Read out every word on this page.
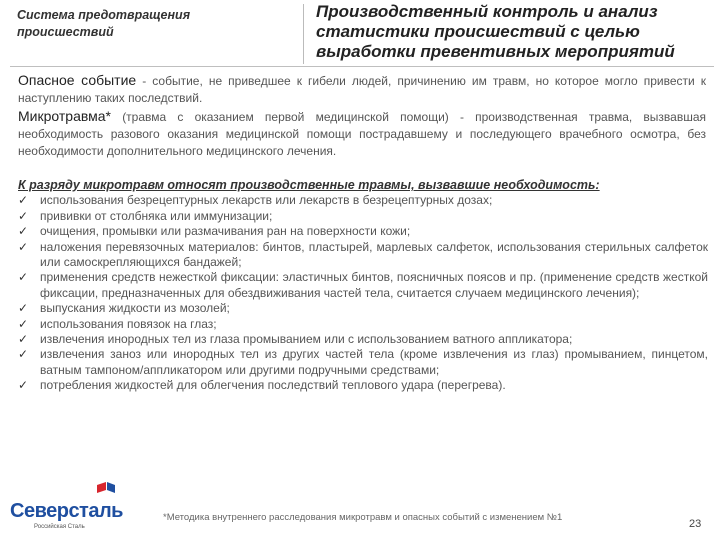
Система предотвращения происшествий
Производственный контроль и анализ статистики происшествий с целью выработки превентивных мероприятий
Опасное событие - событие, не приведшее к гибели людей, причинению им травм, но которое могло привести к наступлению таких последствий.
Микротравма* (травма с оказанием первой медицинской помощи) - производственная травма, вызвавшая необходимость разового оказания медицинской помощи пострадавшему и последующего врачебного осмотра, без необходимости дополнительного медицинского лечения.
К разряду микротравм относят производственные травмы, вызвавшие необходимость:
✓ использования безрецептурных лекарств или лекарств в безрецептурных дозах;
✓ прививки от столбняка или иммунизации;
✓ очищения, промывки или размачивания ран на поверхности кожи;
✓ наложения перевязочных материалов: бинтов, пластырей, марлевых салфеток, использования стерильных салфеток или самоскрепляющихся бандажей;
✓ применения средств нежесткой фиксации: эластичных бинтов, поясничных поясов и пр. (применение средств жесткой фиксации, предназначенных для обездвиживания частей тела, считается случаем медицинского лечения);
✓ выпускания жидкости из мозолей;
✓ использования повязок на глаз;
✓ извлечения инородных тел из глаза промыванием или с использованием ватного аппликатора;
✓ извлечения заноз или инородных тел из других частей тела (кроме извлечения из глаз) промыванием, пинцетом, ватным тампоном/аппликатором или другими подручными средствами;
✓ потребления жидкостей для облегчения последствий теплового удара (перегрева).
Северсталь
Российская Сталь
*Методика внутреннего расследования микротравм и опасных событий с изменением №1
23
